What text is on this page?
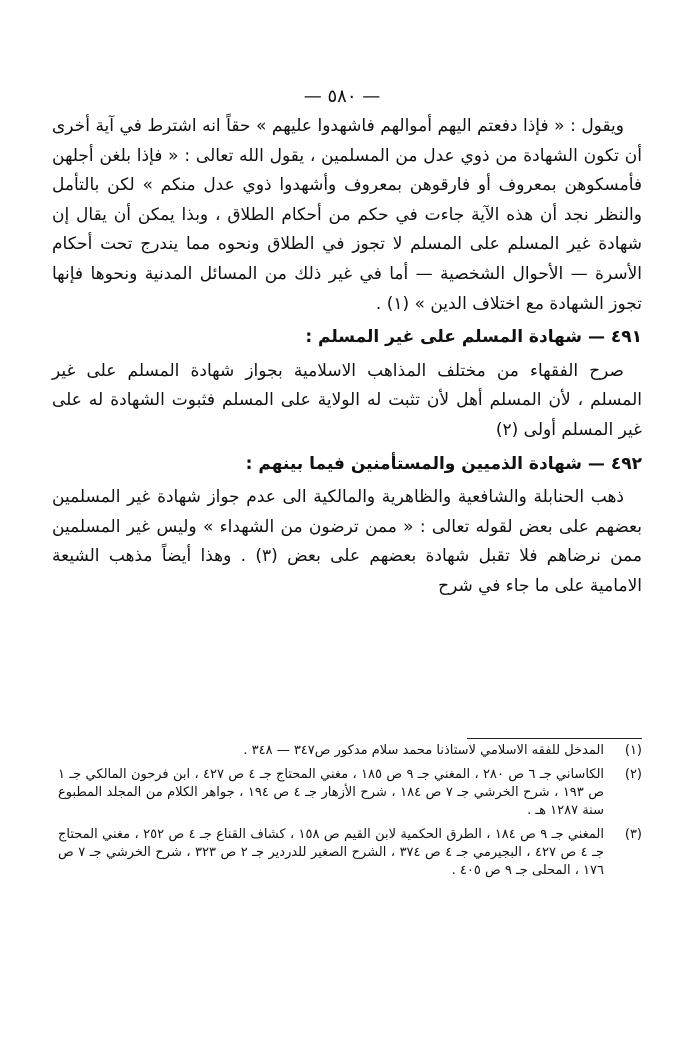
— ٥٨٠ —

ويقول : « فإذا دفعتم اليهم أموالهم فاشهدوا عليهم » حقاً انه اشترط في آية أخرى أن تكون الشهادة من ذوي عدل من المسلمين ، يقول الله تعالى : « فإذا بلغن أجلهن فأمسكوهن بمعروف أو فارقوهن بمعروف وأشهدوا ذوي عدل منكم » لكن بالتأمل والنظر نجد أن هذه الآية جاءت في حكم من أحكام الطلاق ، وبذا يمكن أن يقال إن شهادة غير المسلم على المسلم لا تجوز في الطلاق ونحوه مما يندرج تحت أحكام الأسرة — الأحوال الشخصية — أما في غير ذلك من المسائل المدنية ونحوها فإنها تجوز الشهادة مع اختلاف الدين » (١) .

٤٩١ — شهادة المسلم على غير المسلم :

صرح الفقهاء من مختلف المذاهب الاسلامية بجواز شهادة المسلم على غير المسلم ، لأن المسلم أهل لأن تثبت له الولاية على المسلم فثبوت الشهادة له على غير المسلم أولى (٢)

٤٩٢ — شهادة الذميين والمستأمنين فيما بينهم :

ذهب الحنابلة والشافعية والظاهرية والمالكية الى عدم جواز شهادة غير المسلمين بعضهم على بعض لقوله تعالى : « ممن ترضون من الشهداء » وليس غير المسلمين ممن نرضاهم فلا تقبل شهادة بعضهم على بعض (٣) . وهذا أيضاً مذهب الشيعة الامامية على ما جاء في شرح

(١)

المدخل للفقه الاسلامي لاستاذنا محمد سلام مدكور ص٣٤٧ — ٣٤٨ .

(٢)

الكاساني جـ ٦ ص ٢٨٠ ، المغني جـ ٩ ص ١٨٥ ، مغني المحتاج جـ ٤ ص ٤٢٧ ، ابن فرحون المالكي جـ ١ ص ١٩٣ ، شرح الخرشي جـ ٧ ص ١٨٤ ، شرح الأزهار جـ ٤ ص ١٩٤ ، جواهر الكلام من المجلد المطبوع سنة ١٢٨٧ هـ .

(٣)

المغني جـ ٩ ص ١٨٤ ، الطرق الحكمية لابن القيم ص ١٥٨ ، كشاف القناع جـ ٤ ص ٢٥٢ ، مغني المحتاج جـ ٤ ص ٤٢٧ ، البجيرمي جـ ٤ ص ٣٧٤ ، الشرح الصغير للدردير جـ ٢ ص ٣٢٣ ، شرح الخرشي جـ ٧ ص ١٧٦ ، المحلى جـ ٩ ص ٤٠٥ .
